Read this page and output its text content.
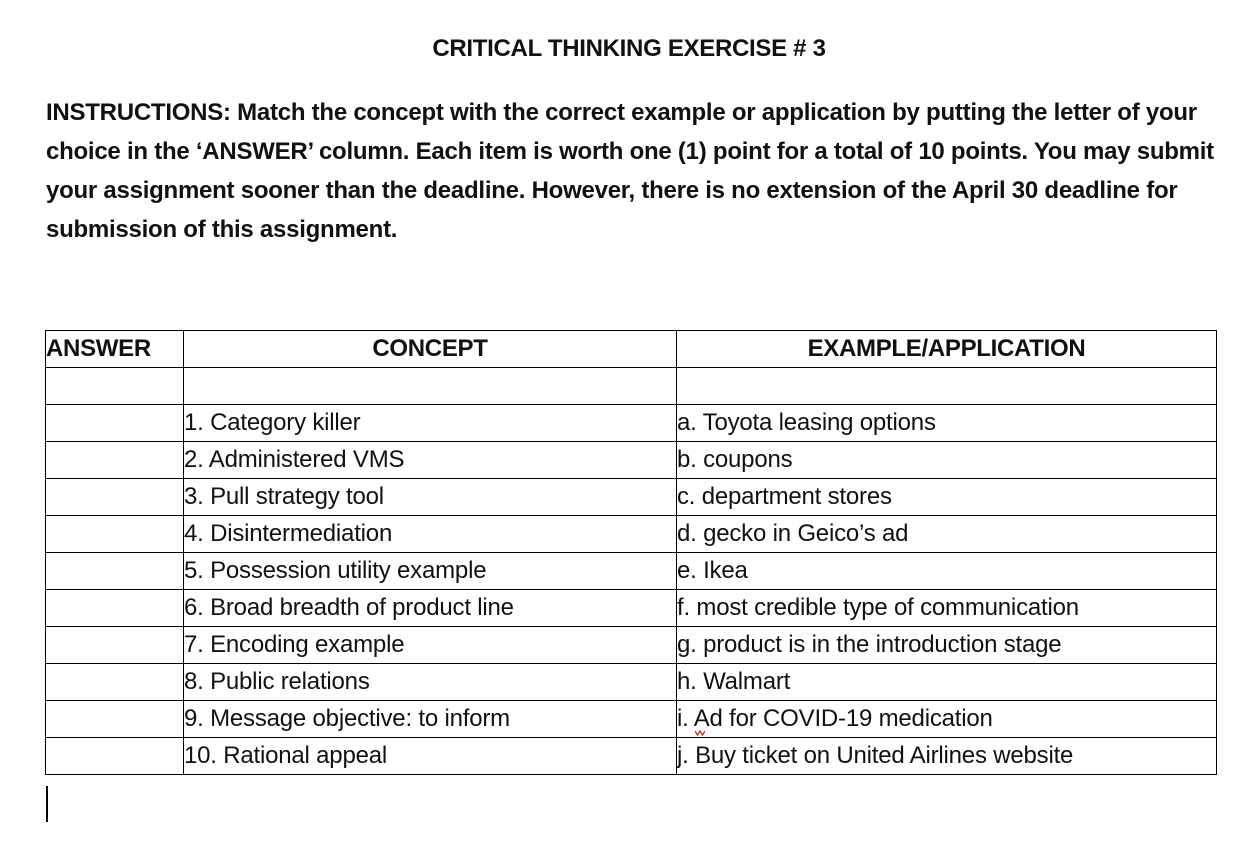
CRITICAL THINKING EXERCISE # 3
INSTRUCTIONS: Match the concept with the correct example or application by putting the letter of your choice in the ‘ANSWER’ column. Each item is worth one (1) point for a total of 10 points. You may submit your assignment sooner than the deadline. However, there is no extension of the April 30 deadline for submission of this assignment.
ANSWER	CONCEPT	EXAMPLE/APPLICATION

	1. Category killer	a. Toyota leasing options
	2. Administered VMS	b. coupons
	3. Pull strategy tool	c. department stores
	4. Disintermediation	d. gecko in Geico’s ad
	5. Possession utility example	e. Ikea
	6. Broad breadth of product line	f. most credible type of communication
	7. Encoding example	g. product is in the introduction stage
	8. Public relations	h. Walmart
	9. Message objective: to inform	i. Ad for COVID-19 medication

	10. Rational appeal	j. Buy ticket on United Airlines website
